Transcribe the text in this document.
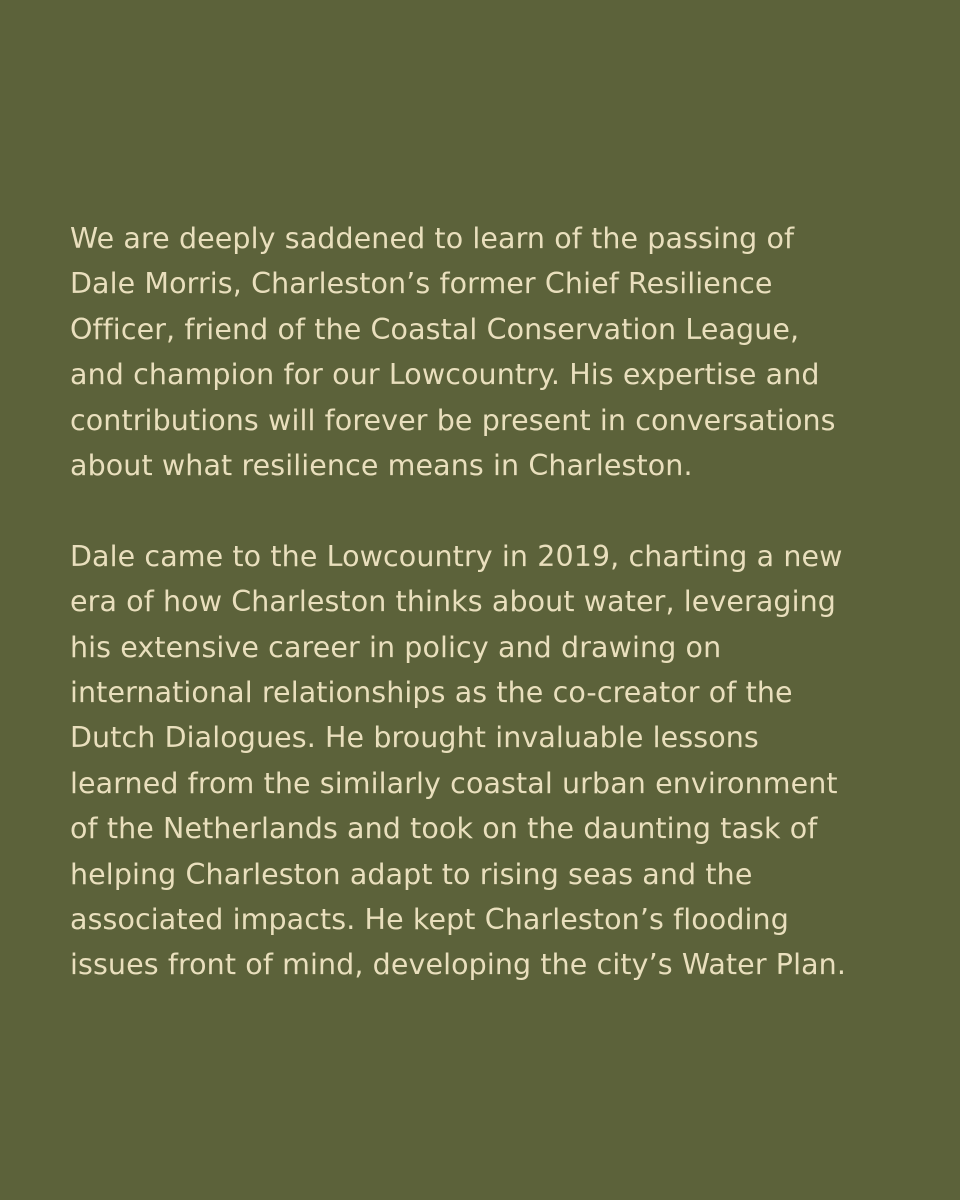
We are deeply saddened to learn of the passing of
Dale Morris, Charleston’s former Chief Resilience
Officer, friend of the Coastal Conservation League,
and champion for our Lowcountry. His expertise and
contributions will forever be present in conversations
about what resilience means in Charleston.

Dale came to the Lowcountry in 2019, charting a new
era of how Charleston thinks about water, leveraging
his extensive career in policy and drawing on
international relationships as the co-creator of the
Dutch Dialogues. He brought invaluable lessons
learned from the similarly coastal urban environment
of the Netherlands and took on the daunting task of
helping Charleston adapt to rising seas and the
associated impacts. He kept Charleston’s flooding
issues front of mind, developing the city’s Water Plan.
